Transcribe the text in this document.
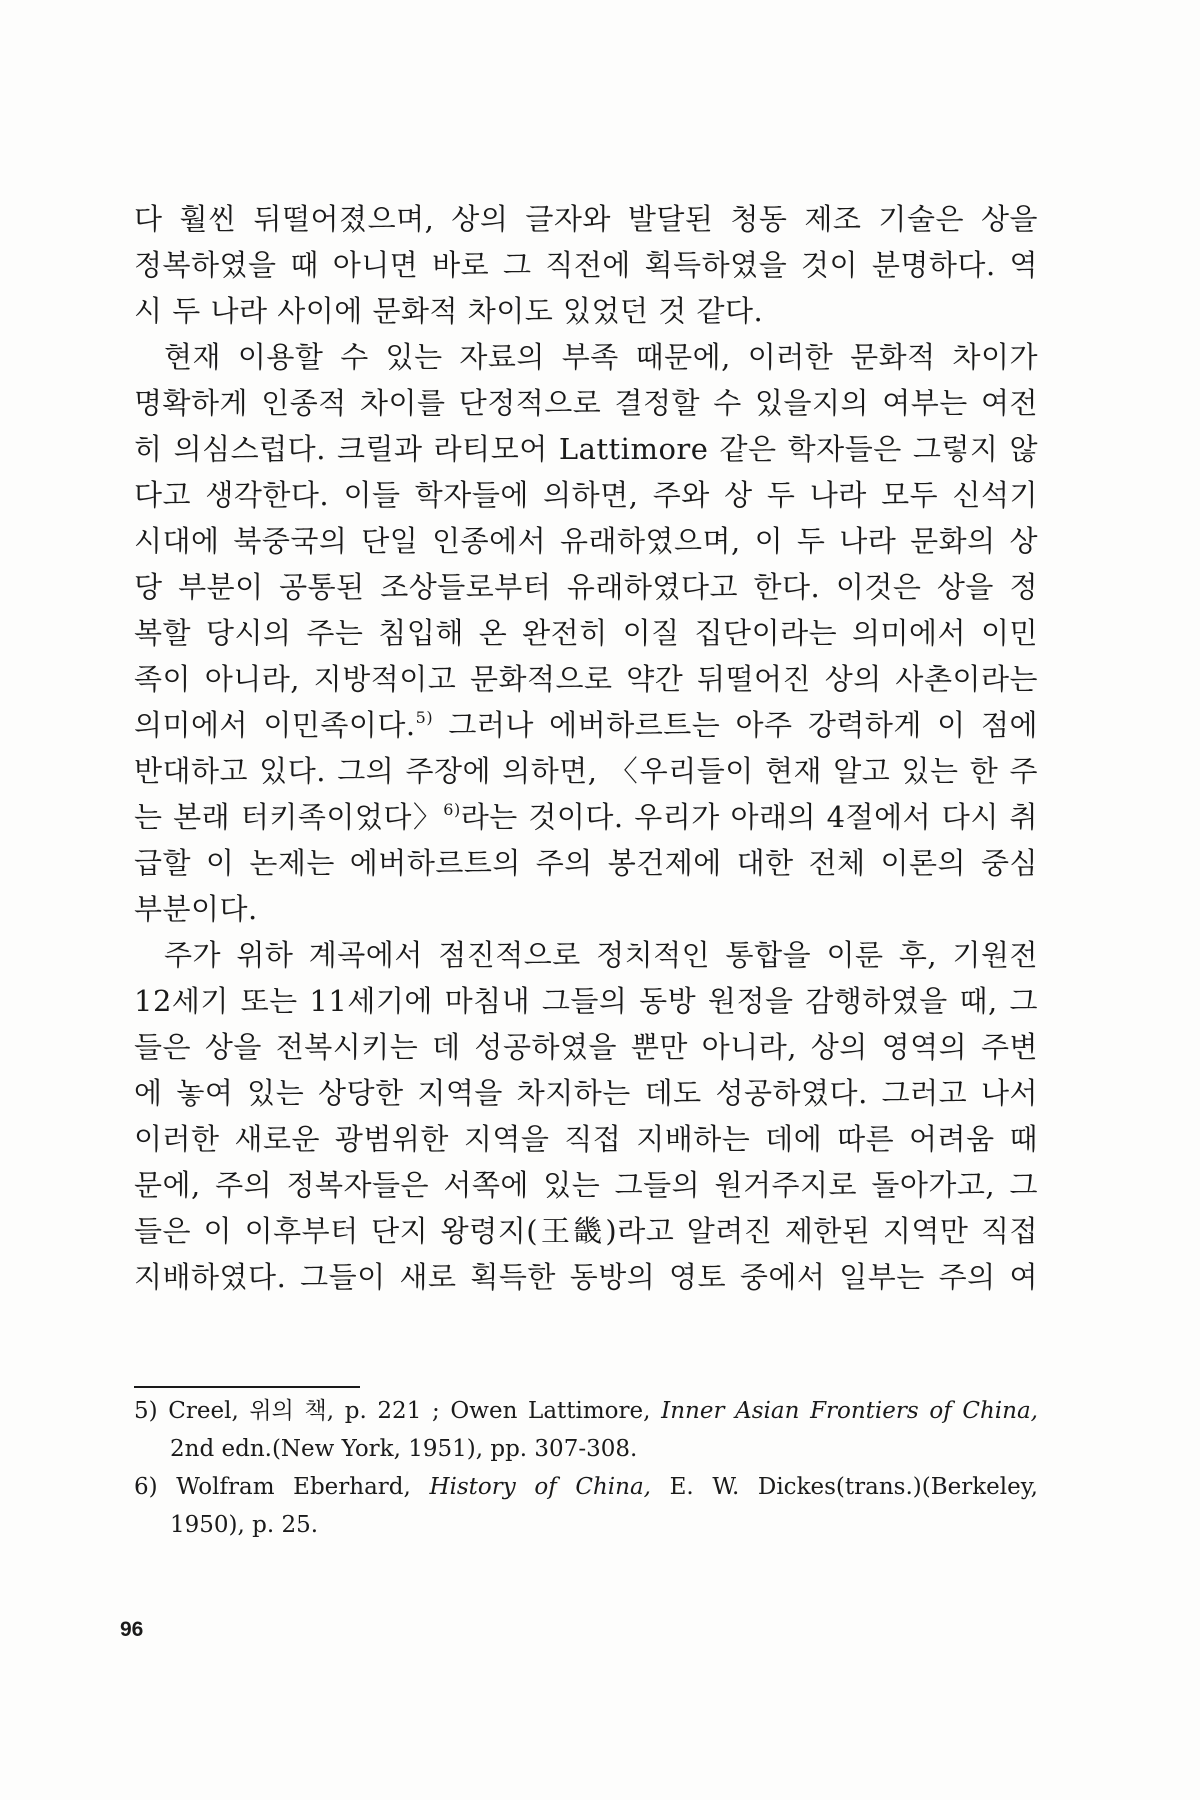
다 훨씬 뒤떨어졌으며, 상의 글자와 발달된 청동 제조 기술은 상을
정복하였을 때 아니면 바로 그 직전에 획득하였을 것이 분명하다. 역
시 두 나라 사이에 문화적 차이도 있었던 것 같다.
현재 이용할 수 있는 자료의 부족 때문에, 이러한 문화적 차이가
명확하게 인종적 차이를 단정적으로 결정할 수 있을지의 여부는 여전
히 의심스럽다. 크릴과 라티모어 Lattimore 같은 학자들은 그렇지 않
다고 생각한다. 이들 학자들에 의하면, 주와 상 두 나라 모두 신석기
시대에 북중국의 단일 인종에서 유래하였으며, 이 두 나라 문화의 상
당 부분이 공통된 조상들로부터 유래하였다고 한다. 이것은 상을 정
복할 당시의 주는 침입해 온 완전히 이질 집단이라는 의미에서 이민
족이 아니라, 지방적이고 문화적으로 약간 뒤떨어진 상의 사촌이라는
의미에서 이민족이다.$^{5)}$ 그러나 에버하르트는 아주 강력하게 이 점에
반대하고 있다. 그의 주장에 의하면, 〈우리들이 현재 알고 있는 한 주
는 본래 터키족이었다〉$^{6)}$라는 것이다. 우리가 아래의 4절에서 다시 취
급할 이 논제는 에버하르트의 주의 봉건제에 대한 전체 이론의 중심
부분이다.
주가 위하 계곡에서 점진적으로 정치적인 통합을 이룬 후, 기원전
12세기 또는 11세기에 마침내 그들의 동방 원정을 감행하였을 때, 그
들은 상을 전복시키는 데 성공하였을 뿐만 아니라, 상의 영역의 주변
에 놓여 있는 상당한 지역을 차지하는 데도 성공하였다. 그러고 나서
이러한 새로운 광범위한 지역을 직접 지배하는 데에 따른 어려움 때
문에, 주의 정복자들은 서쪽에 있는 그들의 원거주지로 돌아가고, 그
들은 이 이후부터 단지 왕령지(王畿)라고 알려진 제한된 지역만 직접
지배하였다. 그들이 새로 획득한 동방의 영토 중에서 일부는 주의 여
5) Creel, 위의 책, p. 221 ; Owen Lattimore, Inner Asian Frontiers of China,
2nd edn.(New York, 1951), pp. 307-308.
6) Wolfram Eberhard, History of China, E. W. Dickes(trans.)(Berkeley,
1950), p. 25.
96
